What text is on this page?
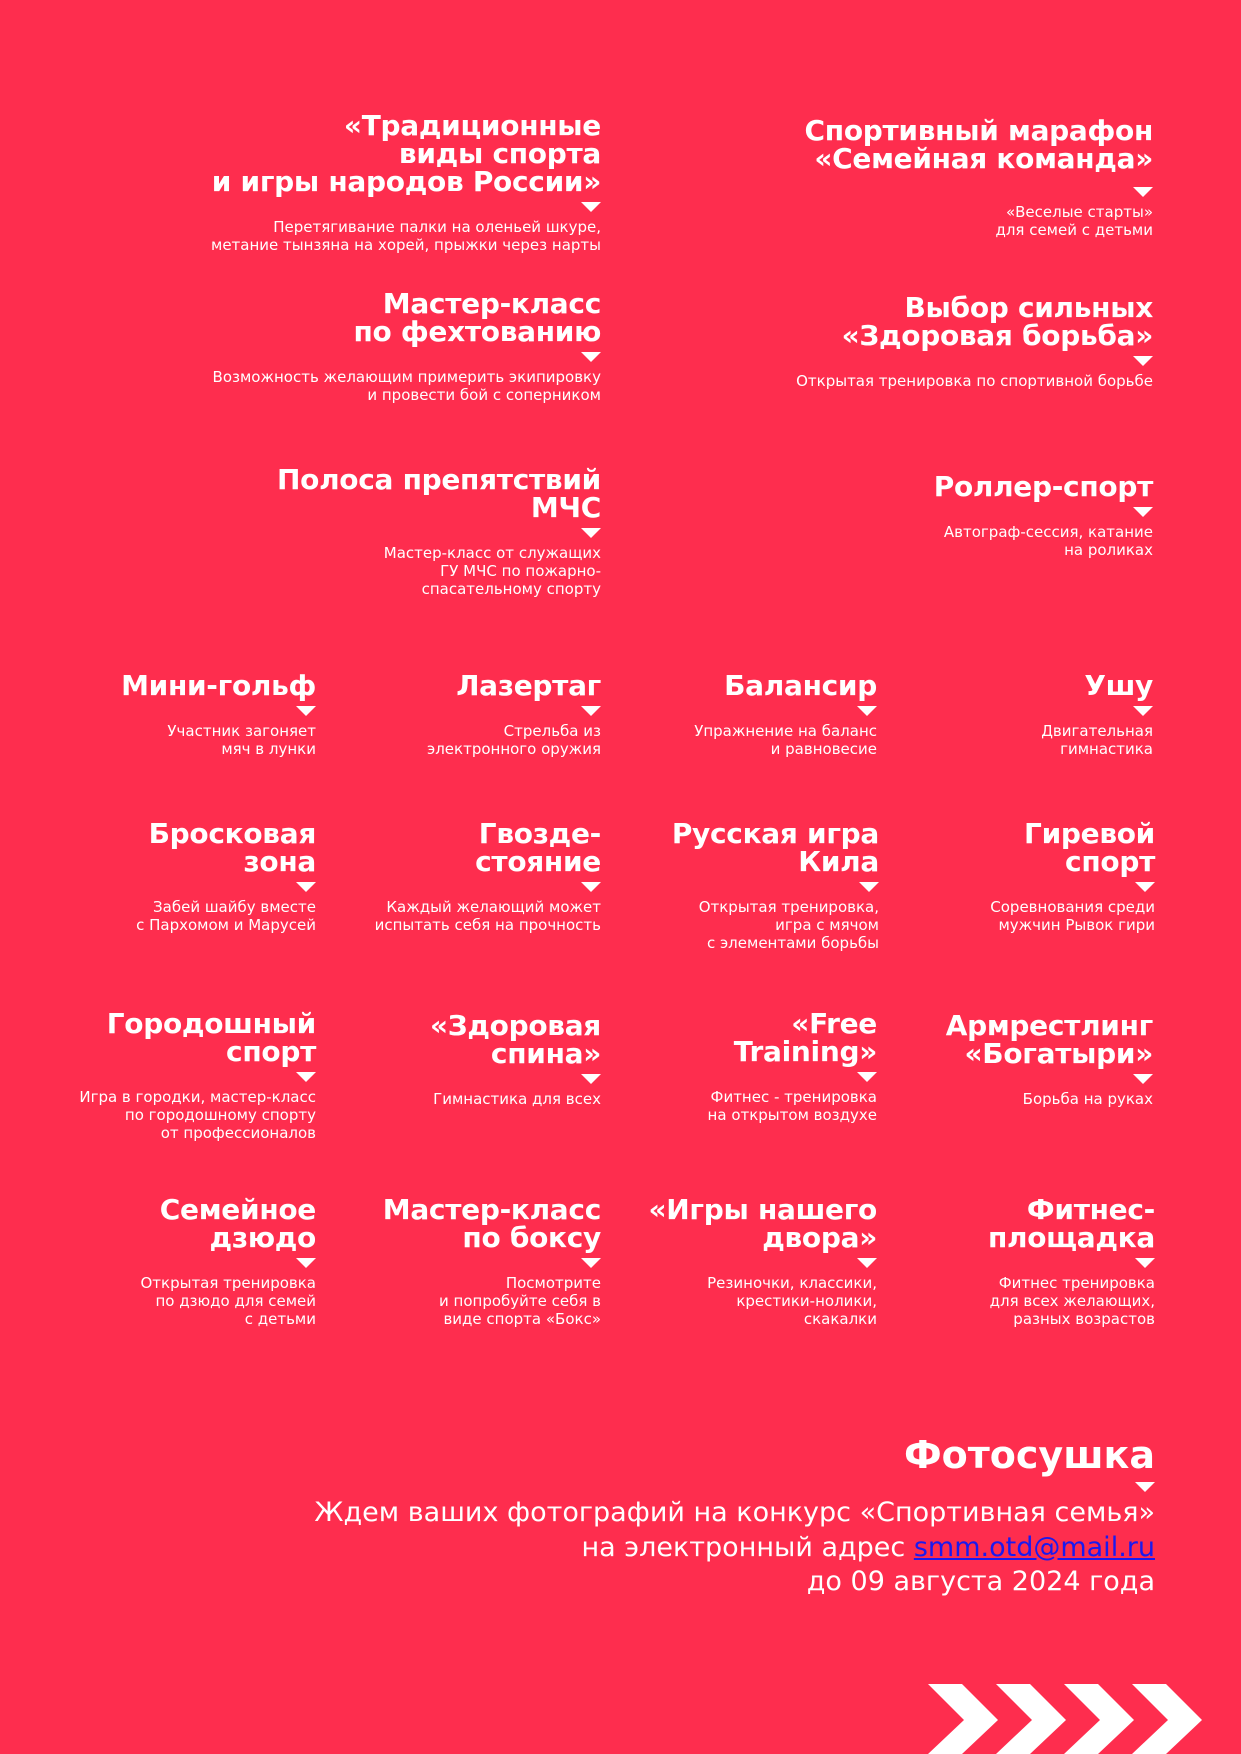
«Традиционные
виды спорта
и игры народов России»
Перетягивание палки на оленьей шкуре,
метание тынзяна на хорей, прыжки через нарты
Мастер-класс
по фехтованию
Возможность желающим примерить экипировку
и провести бой с соперником
Полоса препятствий
МЧС
Мастер-класс от служащих
ГУ МЧС по пожарно-
спасательному спорту
Спортивный марафон
«Семейная команда»
«Веселые старты»
для семей с детьми
Выбор сильных
«Здоровая борьба»
Открытая тренировка по спортивной борьбе
Роллер-спорт
Автограф-сессия, катание
на роликах
Мини-гольф
Участник загоняет
мяч в лунки
Лазертаг
Стрельба из
электронного оружия
Балансир
Упражнение на баланс
и равновесие
Ушу
Двигательная
гимнастика
Бросковая
зона
Забей шайбу вместе
с Пархомом и Марусей
Гвозде-
стояние
Каждый желающий может
испытать себя на прочность
Русская игра
Кила
Открытая тренировка,
игра с мячом
с элементами борьбы
Гиревой
спорт
Соревнования среди
мужчин Рывок гири
Городошный
спорт
Игра в городки, мастер-класс
по городошному спорту
от профессионалов
«Здоровая
спина»
Гимнастика для всех
«Free
Training»
Фитнес - тренировка
на открытом воздухе
Армрестлинг
«Богатыри»
Борьба на руках
Семейное
дзюдо
Открытая тренировка
по дзюдо для семей
с детьми
Мастер-класс
по боксу
Посмотрите
и попробуйте себя в
виде спорта «Бокс»
«Игры нашего
двора»
Резиночки, классики,
крестики-нолики,
скакалки
Фитнес-
площадка
Фитнес тренировка
для всех желающих,
разных возрастов
Фотосушка
Ждем ваших фотографий на конкурс «Спортивная семья»
на электронный адрес smm.otd@mail.ru
до 09 августа 2024 года
